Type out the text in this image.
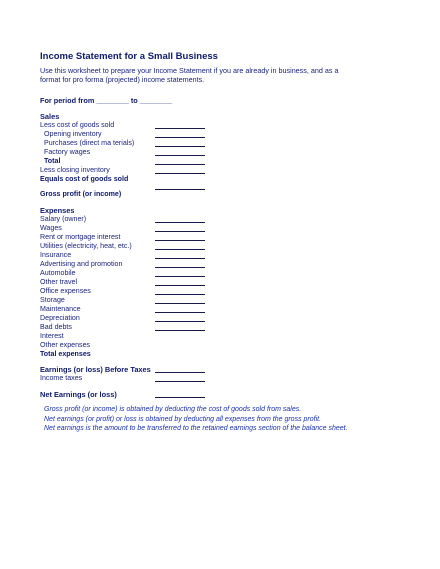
Income Statement for a Small Business
Use this worksheet to prepare your Income Statement if you are already in business, and as a format for pro forma (projected) income statements.
For period from ________ to ________
Sales
Less cost of goods sold
Opening inventory
Purchases (direct ma terials)
Factory wages
Total
Less closing inventory
Equals cost of goods sold
Gross profit (or income)
Expenses
Salary (owner)
Wages
Rent or mortgage interest
Utilities (electricity, heat, etc.)
Insurance
Advertising and promotion
Automobile
Other travel
Office expenses
Storage
Maintenance
Depreciation
Bad debts
Interest
Other expenses
Total expenses
Earnings (or loss) Before Taxes
Income taxes
Net Earnings (or loss)
Gross profit (or income) is obtained by deducting the cost of goods sold from sales.
Net earnings (or profit) or loss is obtained by deducting all expenses from the gross profit.
Net earnings is the amount to be transferred to the retained earnings section of the balance sheet.
